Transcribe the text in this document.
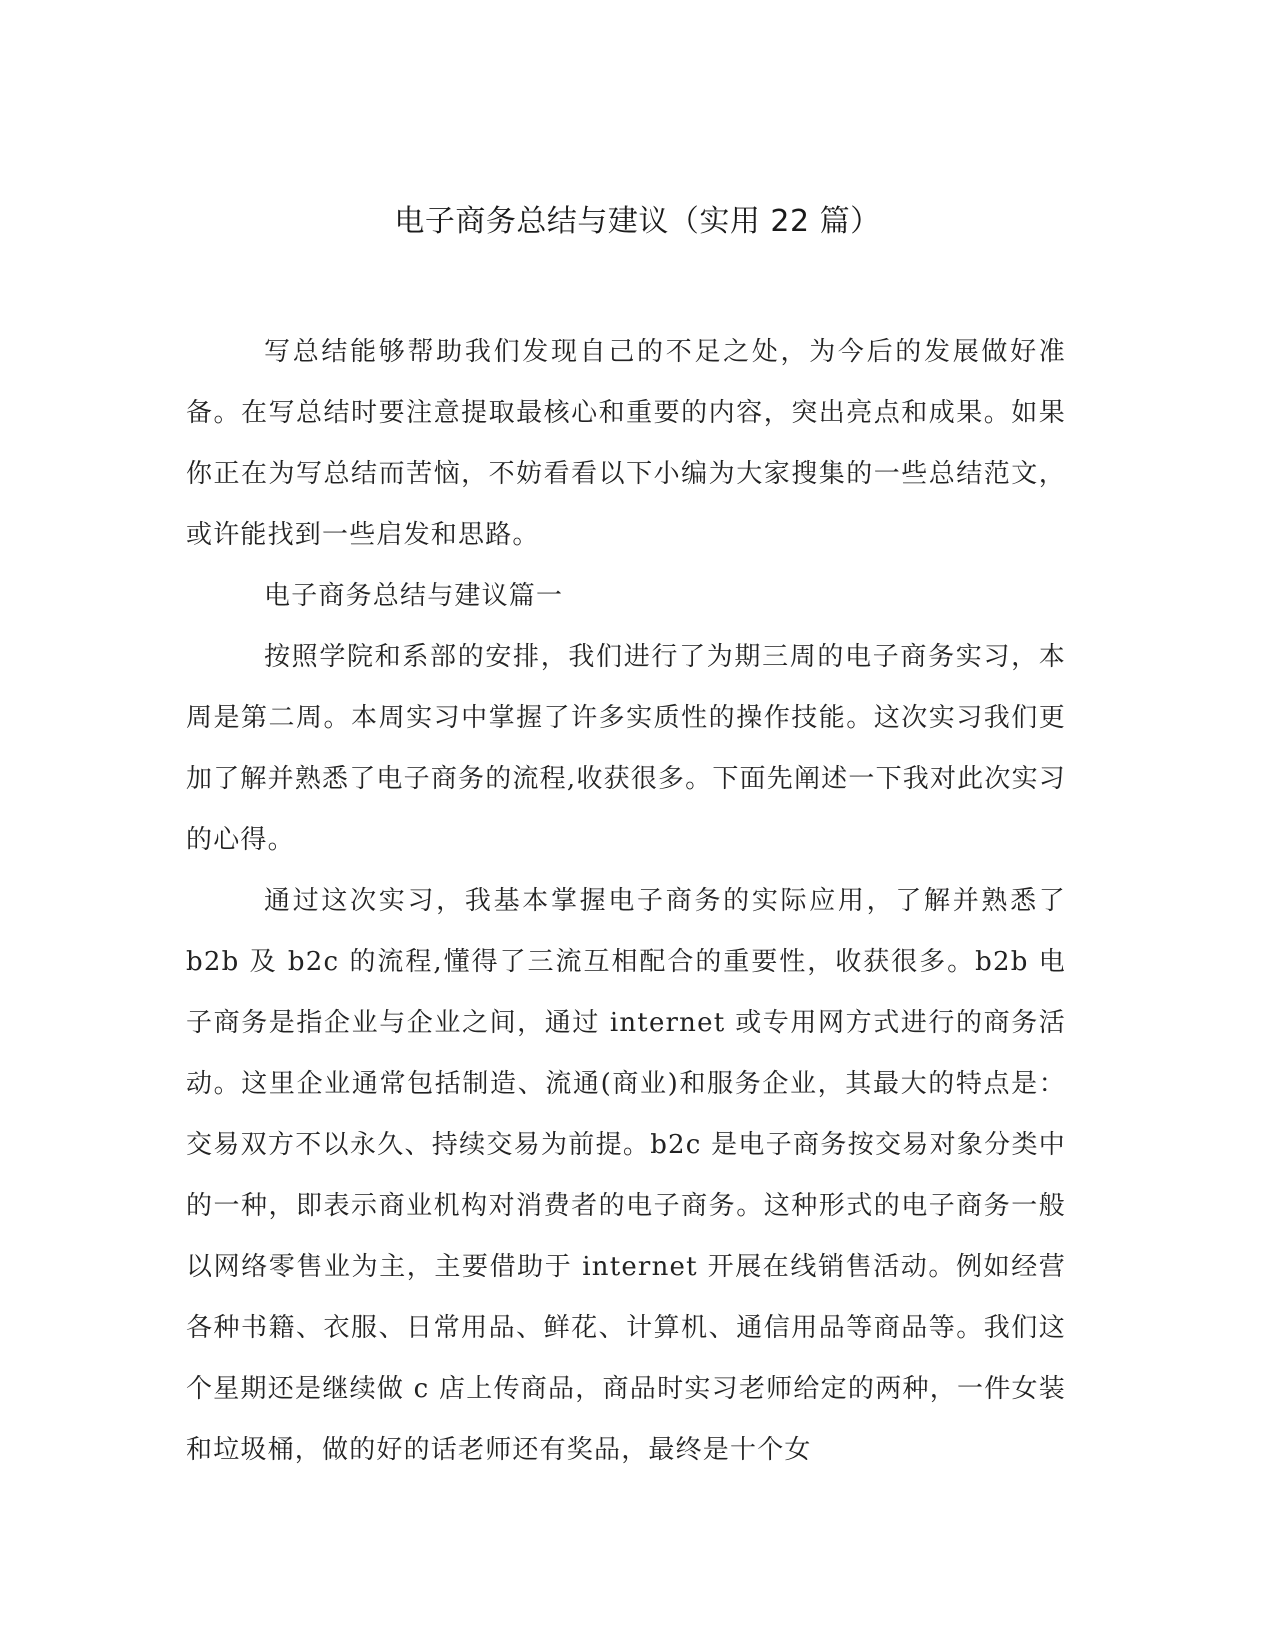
电子商务总结与建议（实用 22 篇）

写总结能够帮助我们发现自己的不足之处，为今后的发展做好准备。在写总结时要注意提取最核心和重要的内容，突出亮点和成果。如果你正在为写总结而苦恼，不妨看看以下小编为大家搜集的一些总结范文，或许能找到一些启发和思路。

电子商务总结与建议篇一

按照学院和系部的安排，我们进行了为期三周的电子商务实习，本周是第二周。本周实习中掌握了许多实质性的操作技能。这次实习我们更加了解并熟悉了电子商务的流程,收获很多。下面先阐述一下我对此次实习的心得。

通过这次实习，我基本掌握电子商务的实际应用，了解并熟悉了 b2b 及 b2c 的流程,懂得了三流互相配合的重要性，收获很多。b2b 电子商务是指企业与企业之间，通过 internet 或专用网方式进行的商务活动。这里企业通常包括制造、流通(商业)和服务企业，其最大的特点是：交易双方不以永久、持续交易为前提。b2c 是电子商务按交易对象分类中的一种，即表示商业机构对消费者的电子商务。这种形式的电子商务一般以网络零售业为主，主要借助于 internet 开展在线销售活动。例如经营各种书籍、衣服、日常用品、鲜花、计算机、通信用品等商品等。我们这个星期还是继续做 c 店上传商品，商品时实习老师给定的两种，一件女装和垃圾桶，做的好的话老师还有奖品，最终是十个女
